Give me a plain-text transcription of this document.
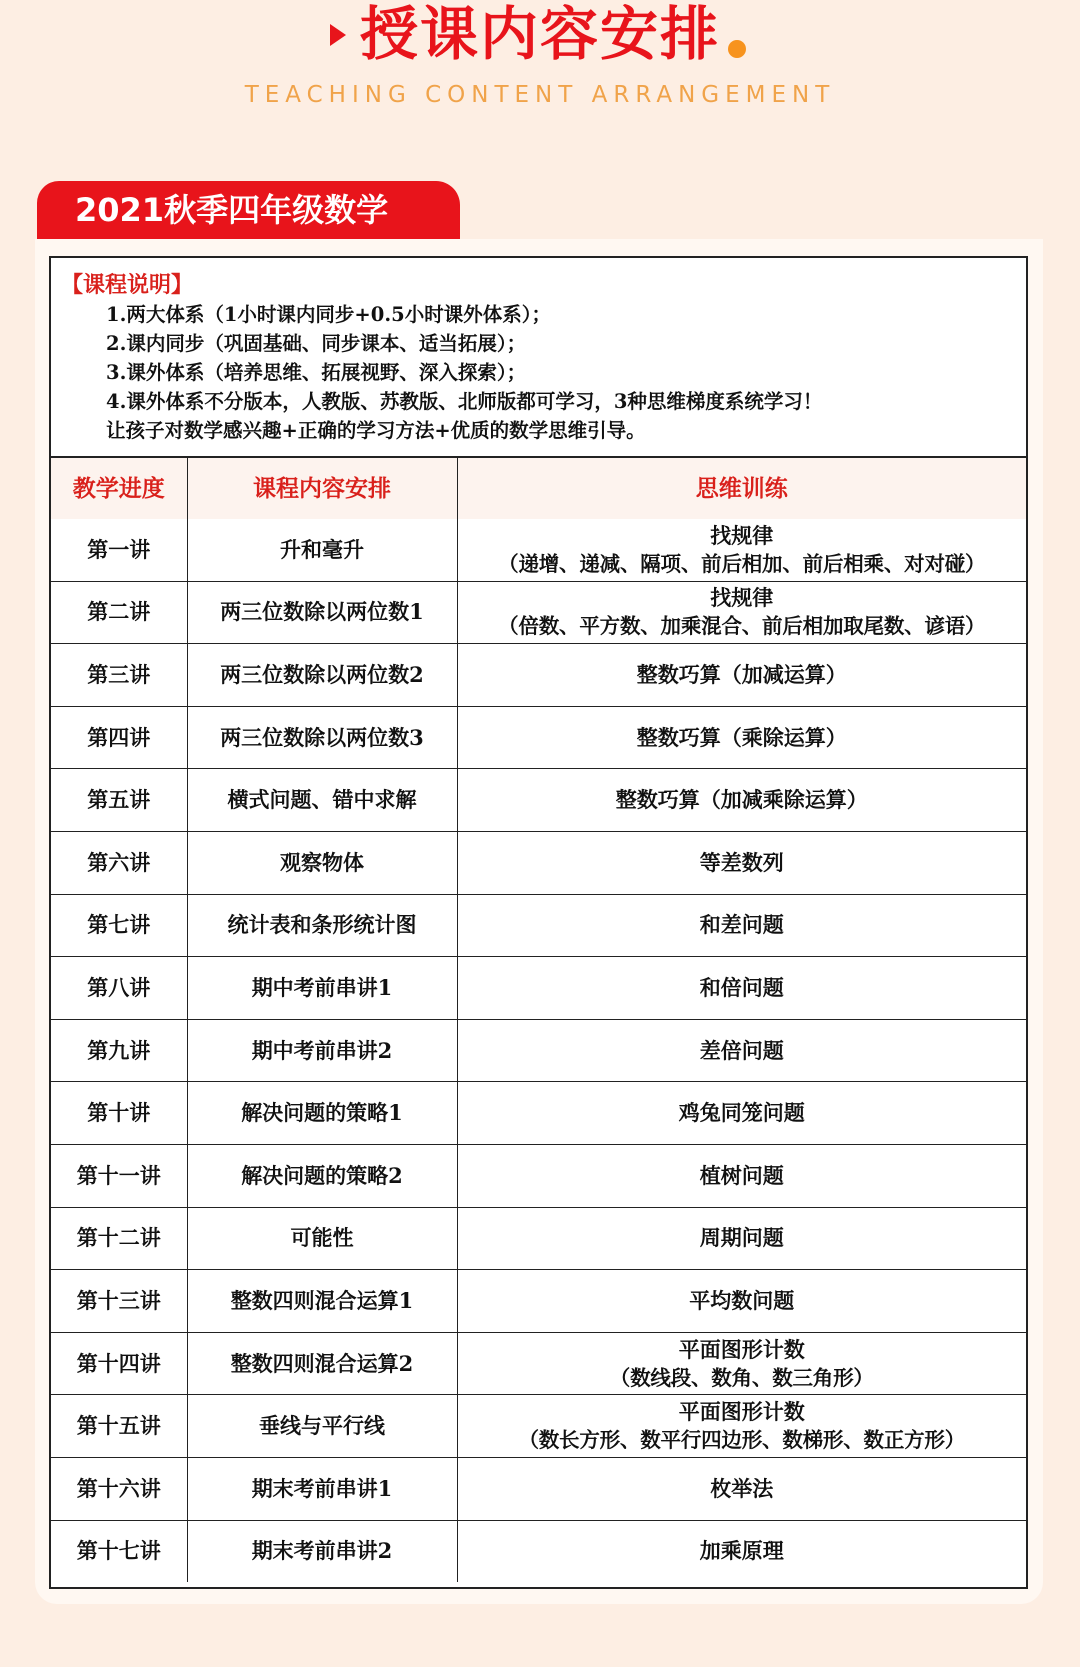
授课内容安排
TEACHING CONTENT ARRANGEMENT
2021秋季四年级数学
【课程说明】
1.两大体系（1小时课内同步+0.5小时课外体系）；
2.课内同步（巩固基础、同步课本、适当拓展）；
3.课外体系（培养思维、拓展视野、深入探索）；
4.课外体系不分版本，人教版、苏教版、北师版都可学习，3种思维梯度系统学习！
让孩子对数学感兴趣+正确的学习方法+优质的数学思维引导。
教学进度	课程内容安排	思维训练
第一讲	升和毫升	找规律
（递增、递减、隔项、前后相加、前后相乘、对对碰）

第二讲	两三位数除以两位数1	找规律
（倍数、平方数、加乘混合、前后相加取尾数、谚语）

第三讲	两三位数除以两位数2	整数巧算（加减运算）
第四讲	两三位数除以两位数3	整数巧算（乘除运算）
第五讲	横式问题、错中求解	整数巧算（加减乘除运算）
第六讲	观察物体	等差数列
第七讲	统计表和条形统计图	和差问题
第八讲	期中考前串讲1	和倍问题
第九讲	期中考前串讲2	差倍问题
第十讲	解决问题的策略1	鸡兔同笼问题
第十一讲	解决问题的策略2	植树问题
第十二讲	可能性	周期问题
第十三讲	整数四则混合运算1	平均数问题
第十四讲	整数四则混合运算2	平面图形计数
（数线段、数角、数三角形）

第十五讲	垂线与平行线	平面图形计数
（数长方形、数平行四边形、数梯形、数正方形）

第十六讲	期末考前串讲1	枚举法
第十七讲	期末考前串讲2	加乘原理
